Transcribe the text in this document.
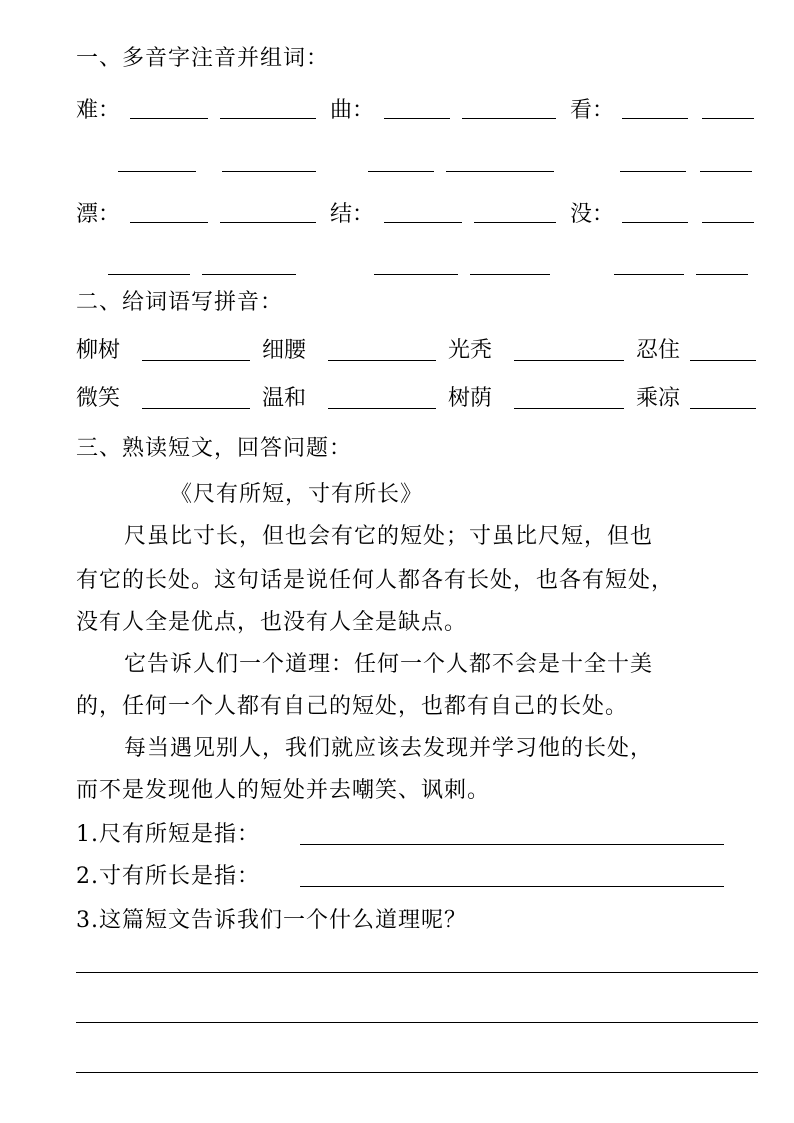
一、多音字注音并组词：
难：	曲：	看：
漂：	结：	没：
二、给词语写拼音：
柳树	细腰	光秃	忍住
微笑	温和	树荫	乘凉
三、熟读短文，回答问题：
《尺有所短，寸有所长》
尺虽比寸长，但也会有它的短处；寸虽比尺短，但也
有它的长处。这句话是说任何人都各有长处，也各有短处，
没有人全是优点，也没有人全是缺点。
它告诉人们一个道理：任何一个人都不会是十全十美
的，任何一个人都有自己的短处，也都有自己的长处。
每当遇见别人，我们就应该去发现并学习他的长处，
而不是发现他人的短处并去嘲笑、讽刺。
1.尺有所短是指：
2.寸有所长是指：
3.这篇短文告诉我们一个什么道理呢？
